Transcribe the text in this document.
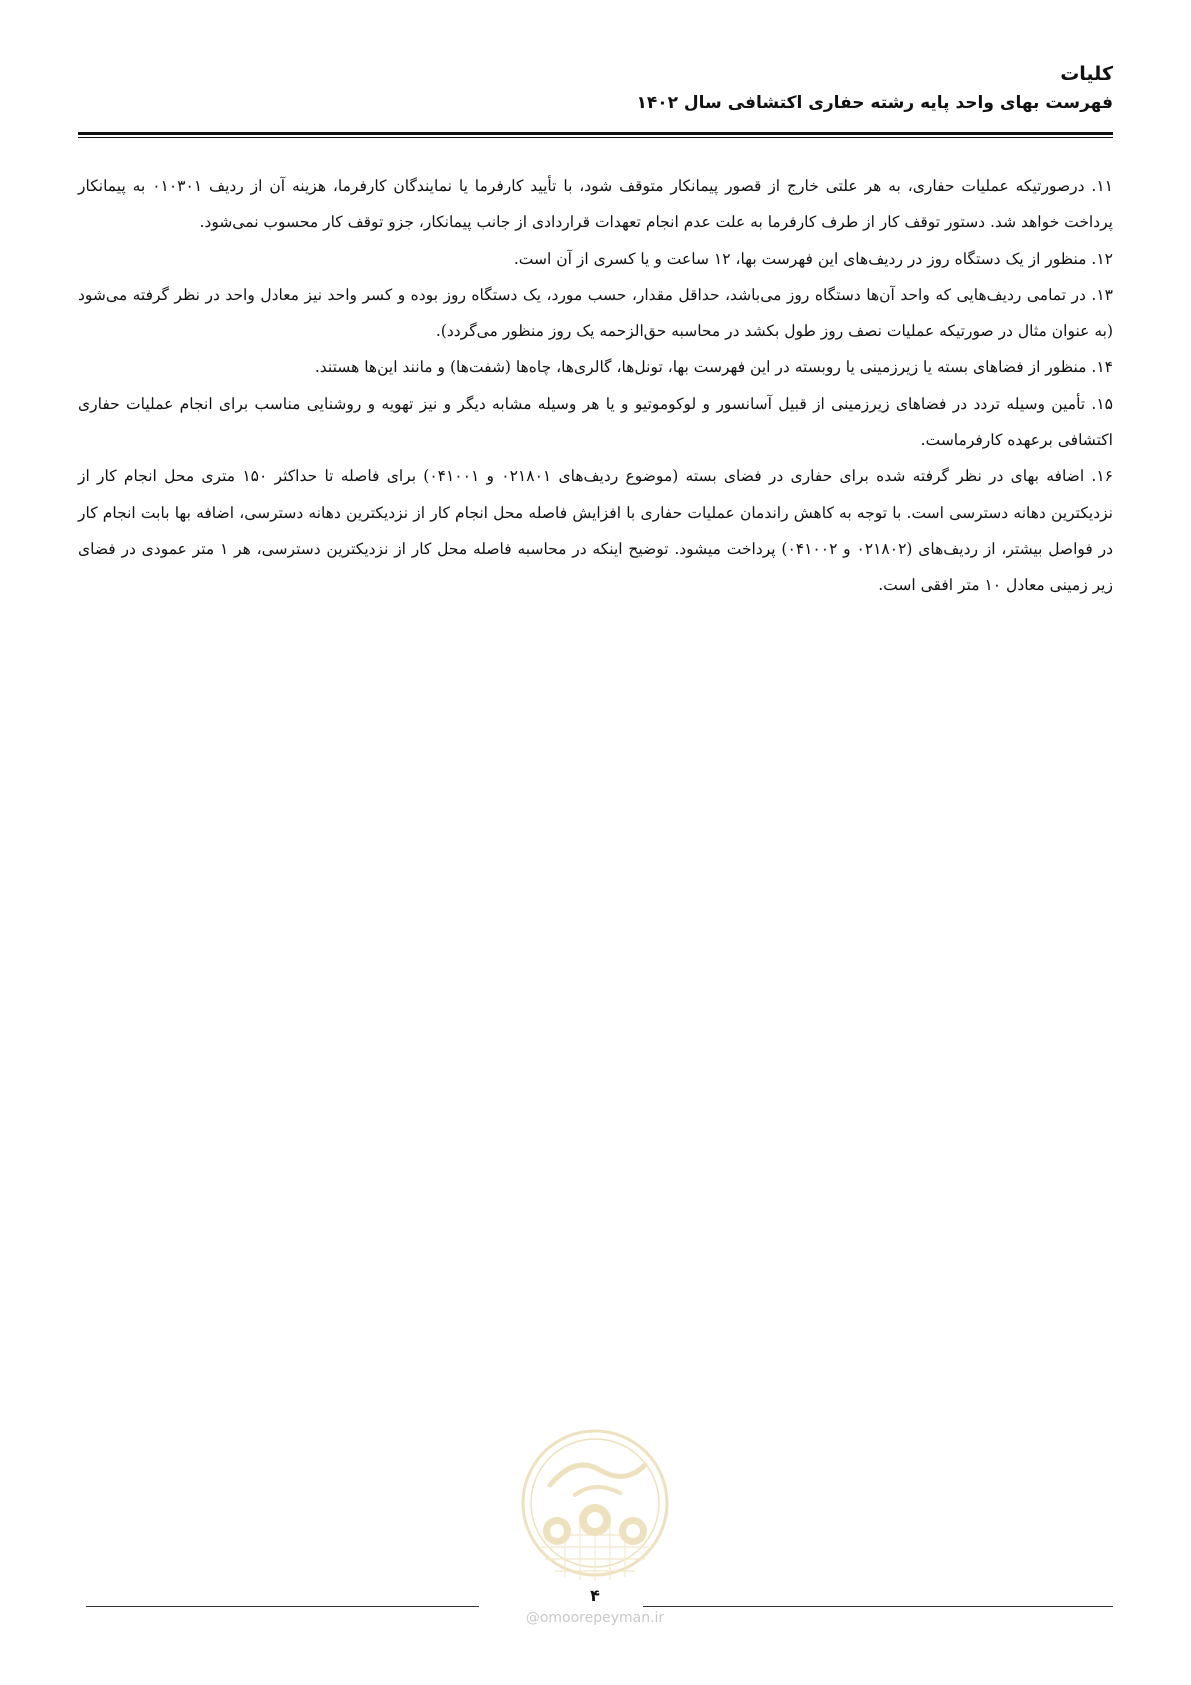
کلیات
فهرست بهای واحد پایه رشته حفاری اکتشافی سال ۱۴۰۲

۱۱. درصورتیکه عملیات حفاری، به هر علتی خارج از قصور پیمانکار متوقف شود، با تأیید کارفرما یا نمایندگان کارفرما، هزینه آن از ردیف ۰۱۰۳۰۱ به پیمانکار پرداخت خواهد شد. دستور توقف کار از طرف کارفرما به علت عدم انجام تعهدات قراردادی از جانب پیمانکار، جزو توقف کار محسوب نمی‌شود.

۱۲. منظور از یک دستگاه روز در ردیف‌های این فهرست بها، ۱۲ ساعت و یا کسری از آن است.

۱۳. در تمامی ردیف‌هایی که واحد آن‌ها دستگاه روز می‌باشد، حداقل مقدار، حسب مورد، یک دستگاه روز بوده و کسر واحد نیز معادل واحد در نظر گرفته می‌شود (به عنوان مثال در صورتیکه عملیات نصف روز طول بکشد در محاسبه حق‌الزحمه یک روز منظور می‌گردد).

۱۴. منظور از فضاهای بسته یا زیرزمینی یا روبسته در این فهرست بها، تونل‌ها، گالری‌ها، چاه‌ها (شفت‌ها) و مانند این‌ها هستند.

۱۵. تأمین وسیله تردد در فضاهای زیرزمینی از قبیل آسانسور و لوکوموتیو و یا هر وسیله مشابه دیگر و نیز تهویه و روشنایی مناسب برای انجام عملیات حفاری اکتشافی برعهده کارفرماست.

۱۶. اضافه بهای در نظر گرفته شده برای حفاری در فضای بسته (موضوع ردیف‌های ۰۲۱۸۰۱ و ۰۴۱۰۰۱) برای فاصله تا حداکثر ۱۵۰ متری محل انجام کار از نزدیکترین دهانه دسترسی است. با توجه به کاهش راندمان عملیات حفاری با افزایش فاصله محل انجام کار از نزدیکترین دهانه دسترسی، اضافه بها بابت انجام کار در فواصل بیشتر، از ردیف‌های (۰۲۱۸۰۲ و ۰۴۱۰۰۲) پرداخت میشود. توضیح اینکه در محاسبه فاصله محل کار از نزدیکترین دسترسی، هر ۱ متر عمودی در فضای زیر زمینی معادل ۱۰ متر افقی است.

۴
@omoorepeyman.ir
